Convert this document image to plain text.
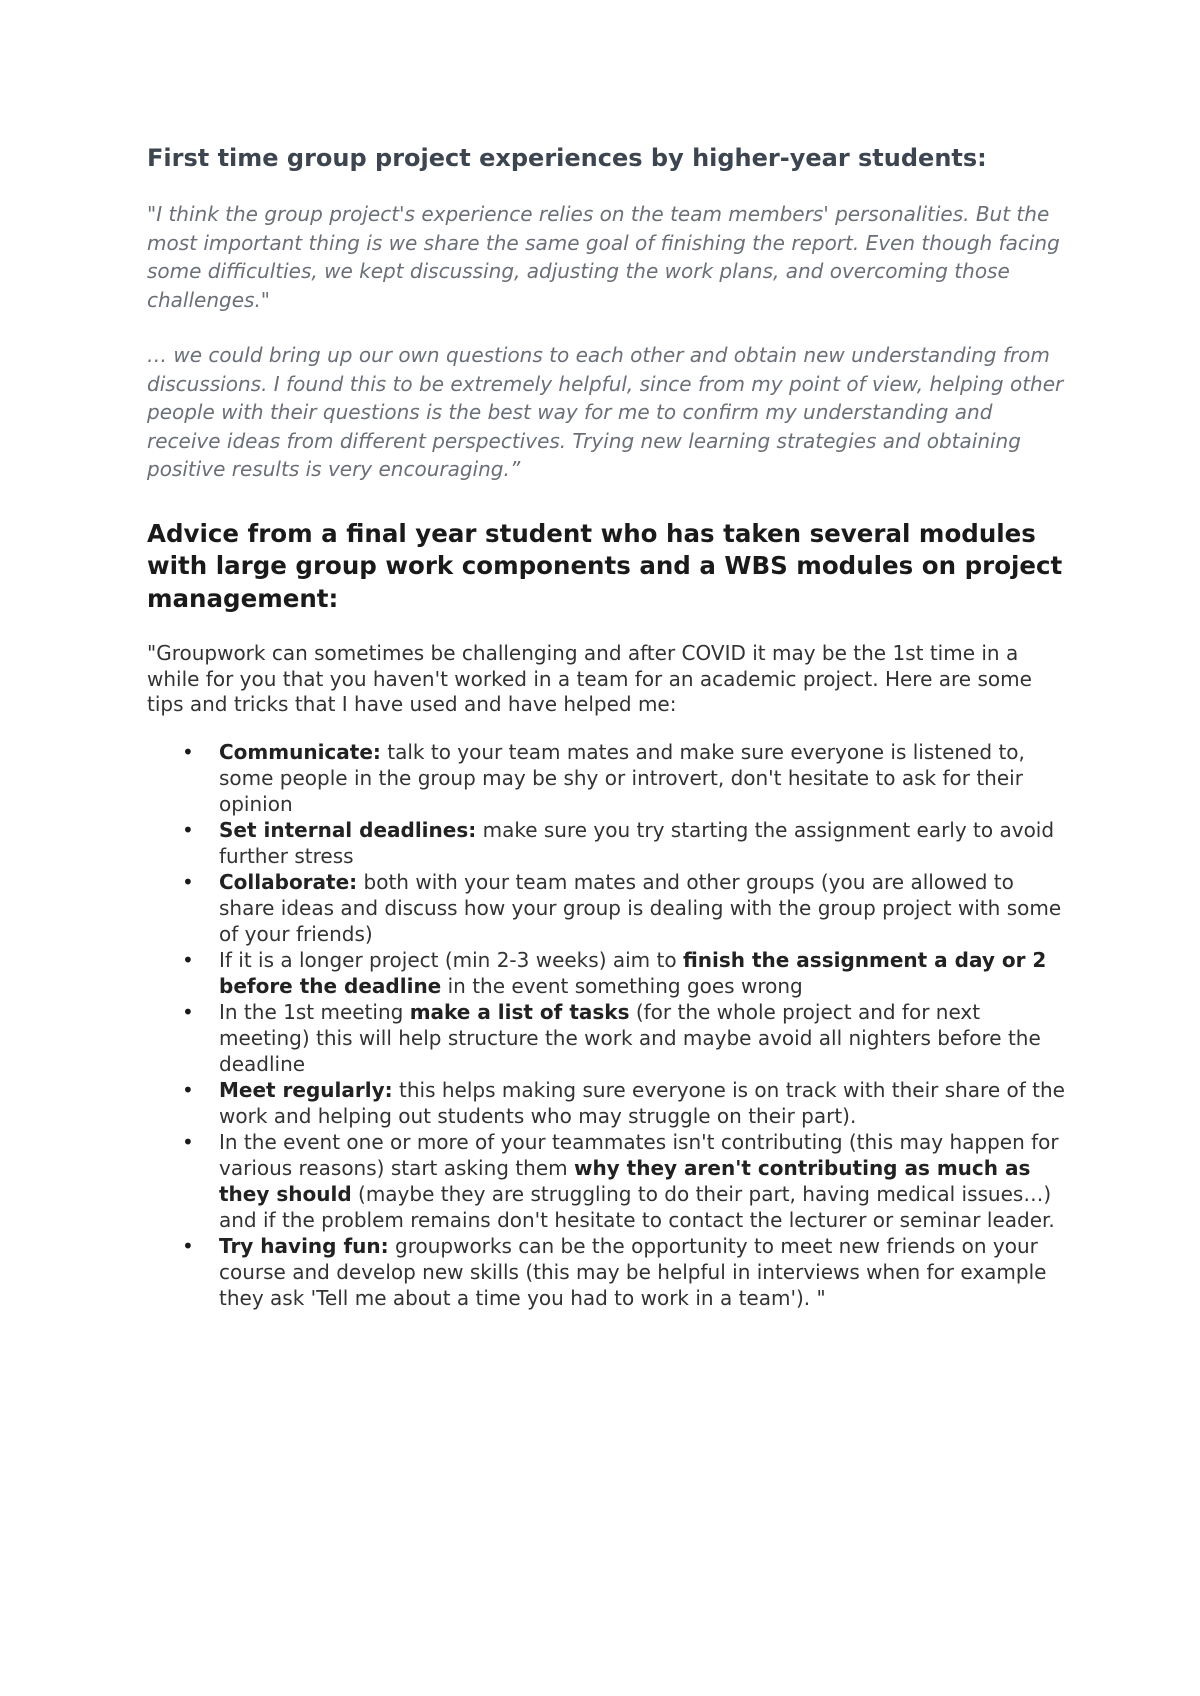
First time group project experiences by higher-year students:

"I think the group project's experience relies on the team members' personalities. But the most important thing is we share the same goal of finishing the report. Even though facing some difficulties, we kept discussing, adjusting the work plans, and overcoming those challenges."

… we could bring up our own questions to each other and obtain new understanding from discussions. I found this to be extremely helpful, since from my point of view, helping other people with their questions is the best way for me to confirm my understanding and receive ideas from different perspectives. Trying new learning strategies and obtaining positive results is very encouraging.”

Advice from a final year student who has taken several modules with large group work components and a WBS modules on project management:

"Groupwork can sometimes be challenging and after COVID it may be the 1st time in a while for you that you haven't worked in a team for an academic project. Here are some tips and tricks that I have used and have helped me:

• Communicate: talk to your team mates and make sure everyone is listened to, some people in the group may be shy or introvert, don't hesitate to ask for their opinion
• Set internal deadlines: make sure you try starting the assignment early to avoid further stress
• Collaborate: both with your team mates and other groups (you are allowed to share ideas and discuss how your group is dealing with the group project with some of your friends)
• If it is a longer project (min 2-3 weeks) aim to finish the assignment a day or 2 before the deadline in the event something goes wrong
• In the 1st meeting make a list of tasks (for the whole project and for next meeting) this will help structure the work and maybe avoid all nighters before the deadline
• Meet regularly: this helps making sure everyone is on track with their share of the work and helping out students who may struggle on their part).
• In the event one or more of your teammates isn't contributing (this may happen for various reasons) start asking them why they aren't contributing as much as they should (maybe they are struggling to do their part, having medical issues…) and if the problem remains don't hesitate to contact the lecturer or seminar leader.
• Try having fun: groupworks can be the opportunity to meet new friends on your course and develop new skills (this may be helpful in interviews when for example they ask 'Tell me about a time you had to work in a team'). "
